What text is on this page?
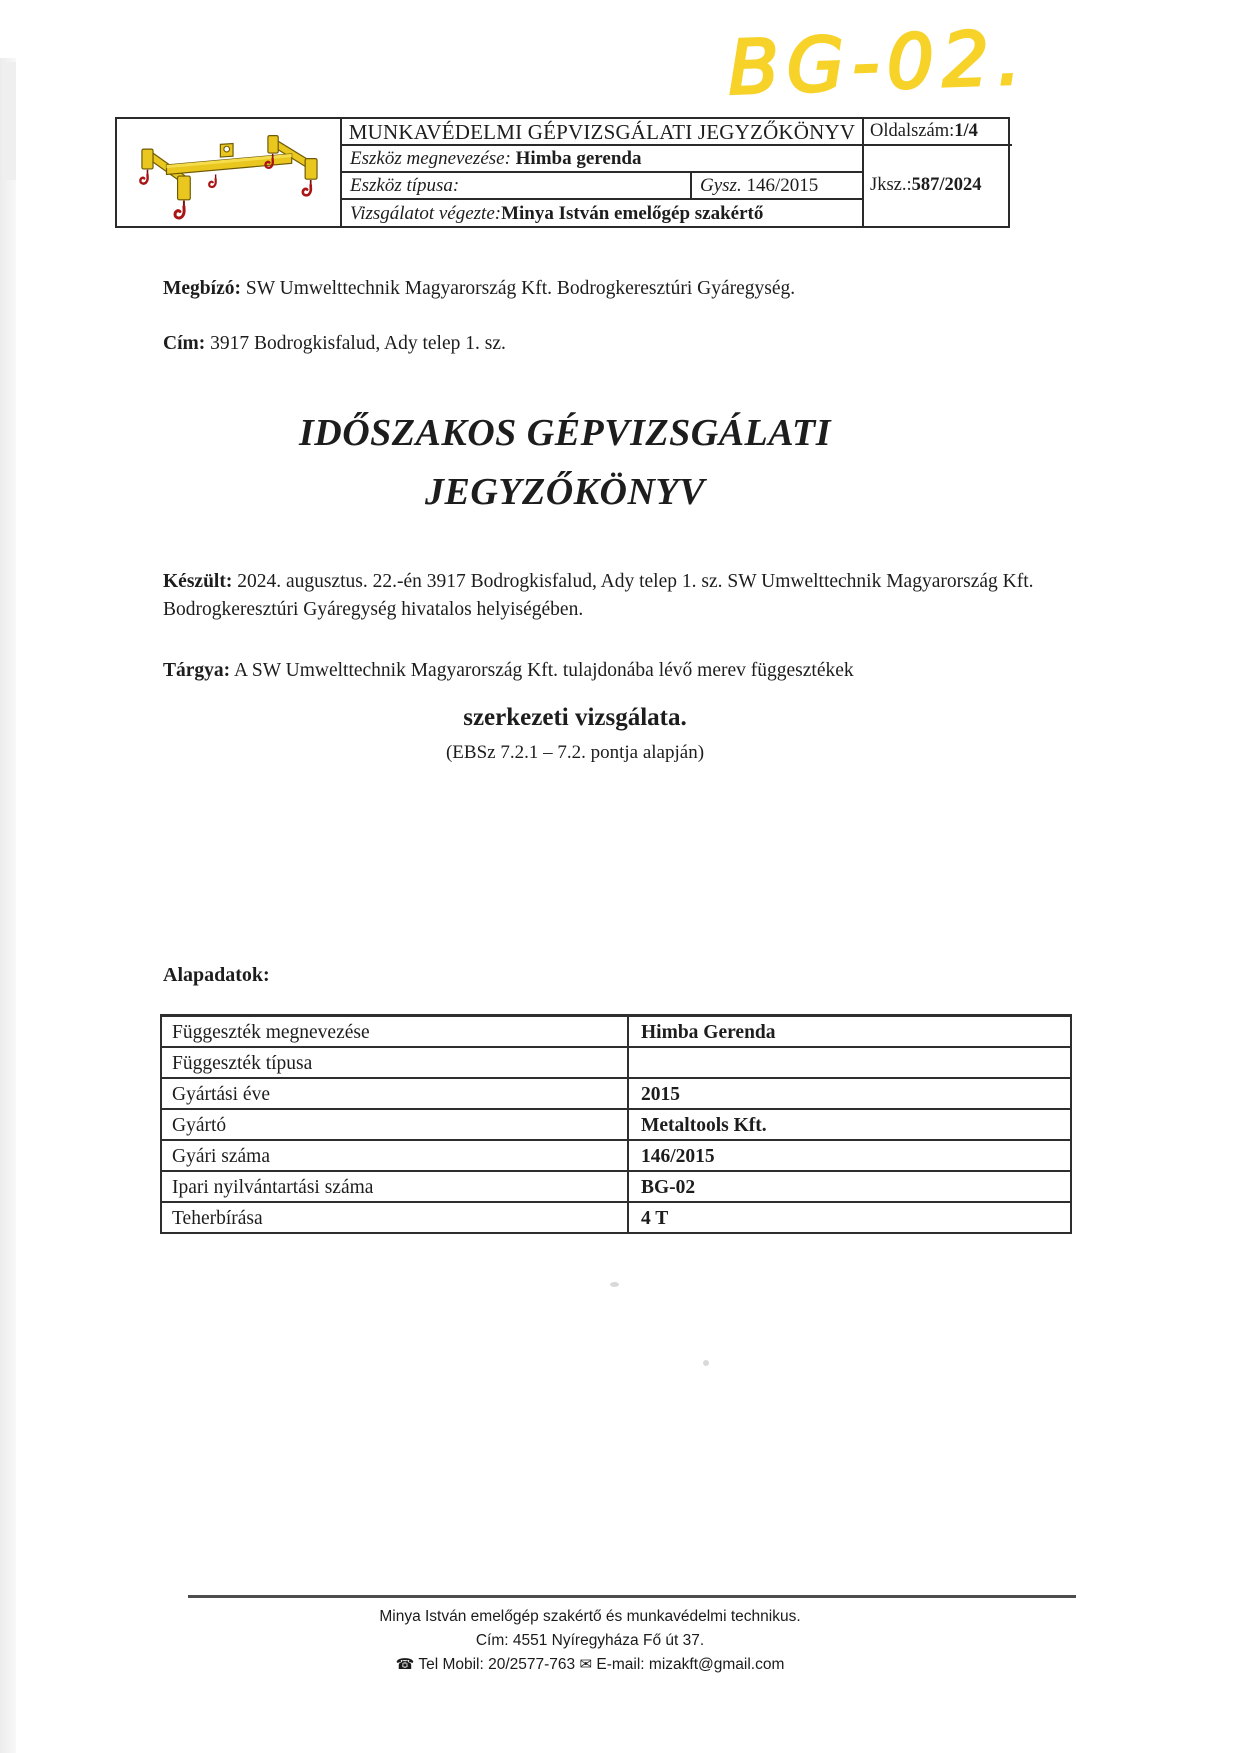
BG-02.
MUNKAVÉDELMI GÉPVIZSGÁLATI JEGYZŐKÖNYV
Eszköz megnevezése:
Himba gerenda
Eszköz típusa:	Gysz.
146/2015
Vizsgálatot végezte: Minya István emelőgép szakértő
Oldalszám: 1/4
Jksz.: 587/2024
Megbízó: SW Umwelttechnik Magyarország Kft. Bodrogkeresztúri Gyáregység.
Cím: 3917 Bodrogkisfalud, Ady telep 1. sz.
IDŐSZAKOS GÉPVIZSGÁLATI
JEGYZŐKÖNYV
Készült: 2024. augusztus. 22.-én 3917 Bodrogkisfalud, Ady telep 1. sz. SW Umwelttechnik Magyarország Kft. Bodrogkeresztúri Gyáregység hivatalos helyiségében.
Tárgya: A SW Umwelttechnik Magyarország Kft. tulajdonába lévő merev függesztékek
szerkezeti vizsgálata.
(EBSz 7.2.1 – 7.2. pontja alapján)
Alapadatok:
Függeszték megnevezése	Himba Gerenda
Függeszték típusa
Gyártási éve	2015
Gyártó	Metaltools Kft.
Gyári száma	146/2015
Ipari nyilvántartási száma	BG-02
Teherbírása	4 T
Minya István emelőgép szakértő és munkavédelmi technikus.
Cím: 4551 Nyíregyháza Fő út 37.
☎ Tel Mobil: 20/2577-763 ✉ E-mail: mizakft@gmail.com
